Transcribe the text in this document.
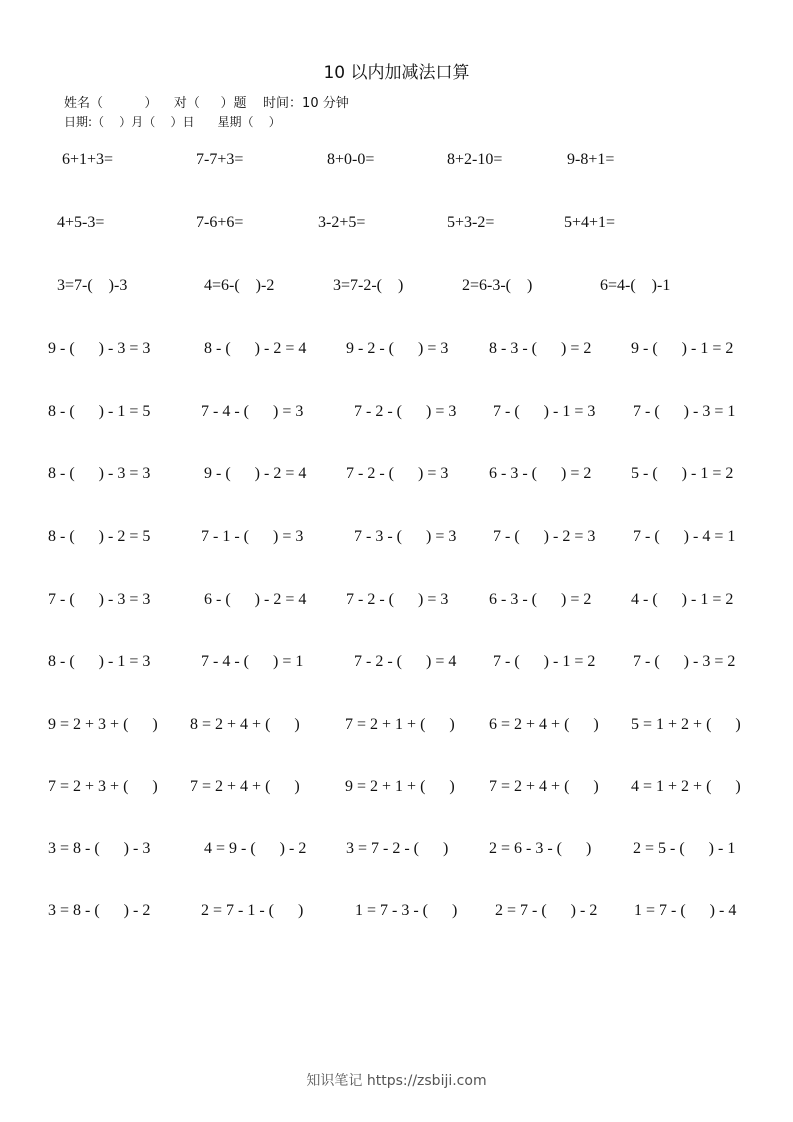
10 以内加减法口算
姓名（          ）    对（     ）题    时间：10 分钟
日期:（    ）月（    ）日      星期（    ）
6+1+3=	7-7+3=	8+0-0=	8+2-10=	9-8+1=
4+5-3=	7-6+6=	3-2+5=	5+3-2=	5+4+1=
3=7-(    )-3	4=6-(    )-2	3=7-2-(    )	2=6-3-(    )	6=4-(    )-1
9 - (      ) - 3 = 3	8 - (      ) - 2 = 4 9 - 2 - (      ) = 3	8 - 3 - (      ) = 2 9 - (      ) - 1 = 2
8 - (      ) - 1 = 5	7 - 4 - (      ) = 3	7 - 2 - (      ) = 3 7 - (      ) - 1 = 3 7 - (      ) - 3 = 1
8 - (      ) - 3 = 3	9 - (      ) - 2 = 4 7 - 2 - (      ) = 3	6 - 3 - (      ) = 2 5 - (      ) - 1 = 2
8 - (      ) - 2 = 5	7 - 1 - (      ) = 3	7 - 3 - (      ) = 3 7 - (      ) - 2 = 3 7 - (      ) - 4 = 1
7 - (      ) - 3 = 3	6 - (      ) - 2 = 4 7 - 2 - (      ) = 3	6 - 3 - (      ) = 2 4 - (      ) - 1 = 2
8 - (      ) - 1 = 3	7 - 4 - (      ) = 1	7 - 2 - (      ) = 4 7 - (      ) - 1 = 2 7 - (      ) - 3 = 2
9 = 2 + 3 + (      ) 8 = 2 + 4 + (      )	7 = 2 + 1 + (      ) 6 = 2 + 4 + (      ) 5 = 1 + 2 + (      )
7 = 2 + 3 + (      ) 7 = 2 + 4 + (      )	9 = 2 + 1 + (      ) 7 = 2 + 4 + (      ) 4 = 1 + 2 + (      )
3 = 8 - (      ) - 3	4 = 9 - (      ) - 2 3 = 7 - 2 - (      )	2 = 6 - 3 - (      )	2 = 5 - (      ) - 1
3 = 8 - (      ) - 2	2 = 7 - 1 - (      )	1 = 7 - 3 - (      ) 2 = 7 - (      ) - 2 1 = 7 - (      ) - 4
知识笔记 https://zsbiji.com
